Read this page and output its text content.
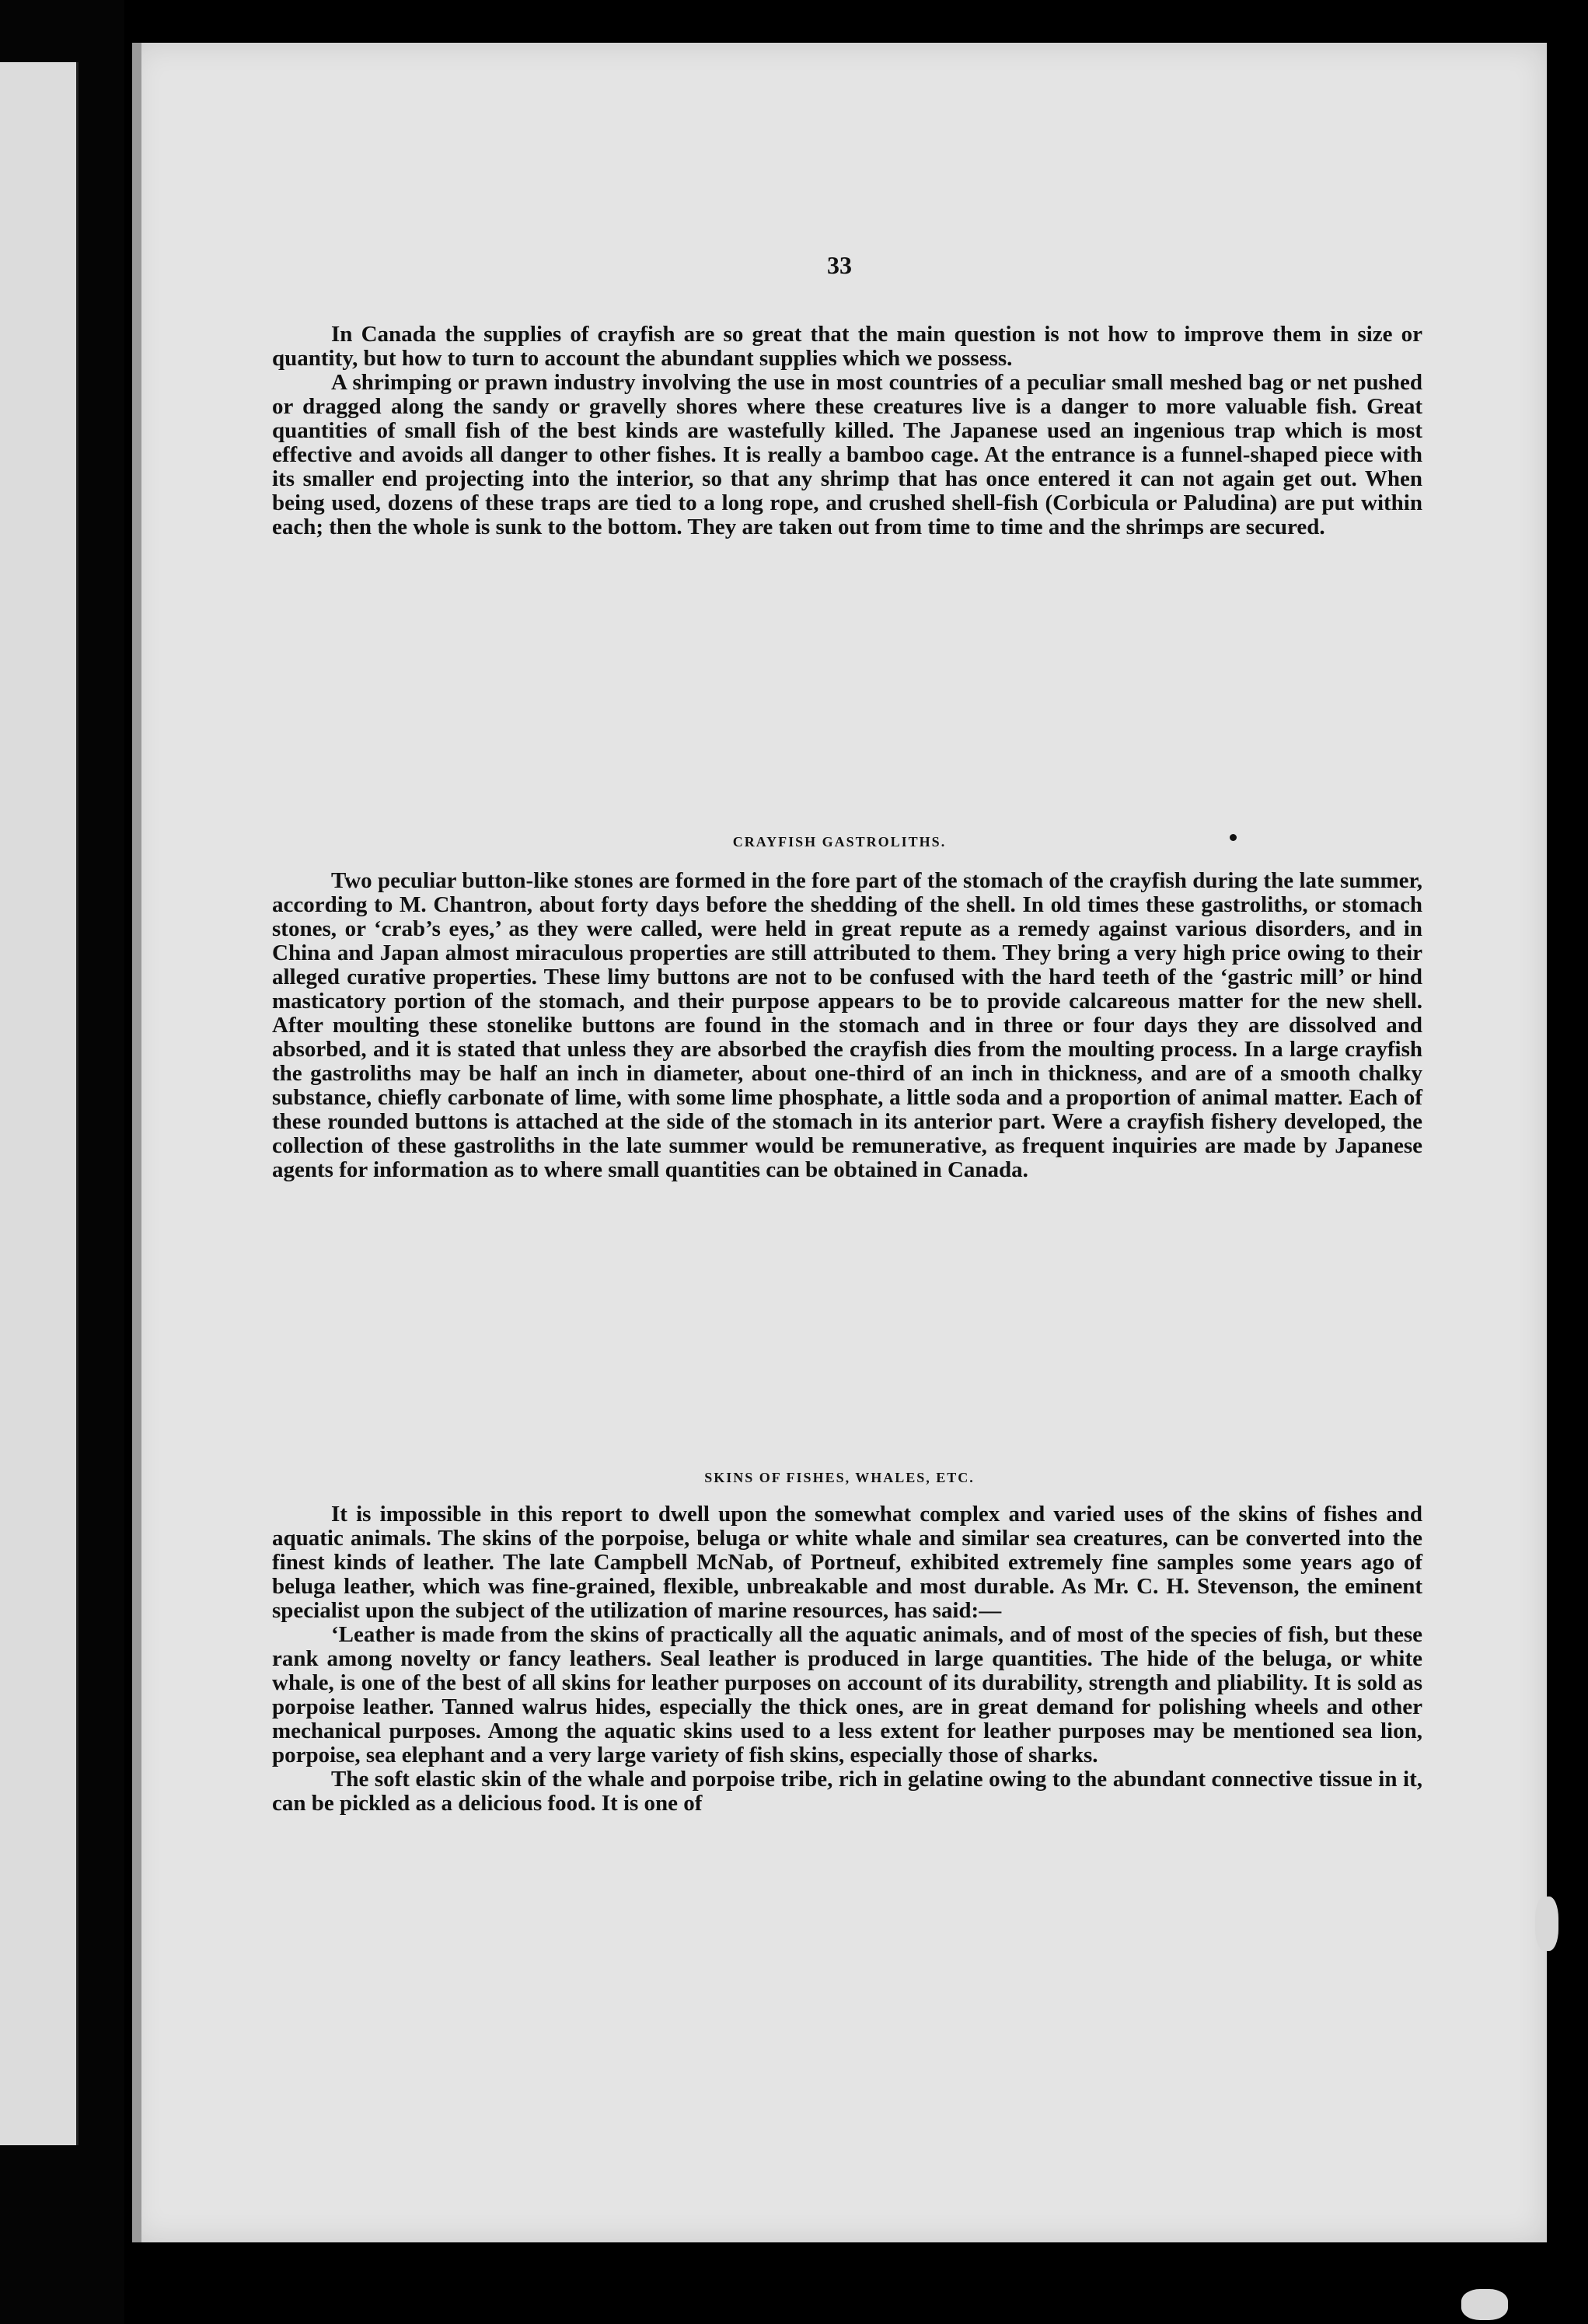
33

In Canada the supplies of crayfish are so great that the main question is not how to improve them in size or quantity, but how to turn to account the abundant supplies which we possess.

A shrimping or prawn industry involving the use in most countries of a peculiar small meshed bag or net pushed or dragged along the sandy or gravelly shores where these creatures live is a danger to more valuable fish. Great quantities of small fish of the best kinds are wastefully killed. The Japanese used an ingenious trap which is most effective and avoids all danger to other fishes. It is really a bamboo cage. At the entrance is a funnel-shaped piece with its smaller end projecting into the interior, so that any shrimp that has once entered it can not again get out. When being used, dozens of these traps are tied to a long rope, and crushed shell-fish (Corbicula or Paludina) are put within each; then the whole is sunk to the bottom. They are taken out from time to time and the shrimps are secured.

CRAYFISH GASTROLITHS.

Two peculiar button-like stones are formed in the fore part of the stomach of the crayfish during the late summer, according to M. Chantron, about forty days before the shedding of the shell. In old times these gastroliths, or stomach stones, or ‘crab’s eyes,’ as they were called, were held in great repute as a remedy against various disorders, and in China and Japan almost miraculous properties are still attributed to them. They bring a very high price owing to their alleged curative properties. These limy buttons are not to be confused with the hard teeth of the ‘gastric mill’ or hind masticatory portion of the stomach, and their purpose appears to be to provide calcareous matter for the new shell. After moulting these stonelike buttons are found in the stomach and in three or four days they are dissolved and absorbed, and it is stated that unless they are absorbed the crayfish dies from the moulting process. In a large crayfish the gastroliths may be half an inch in diameter, about one-third of an inch in thickness, and are of a smooth chalky substance, chiefly carbonate of lime, with some lime phosphate, a little soda and a proportion of animal matter. Each of these rounded buttons is attached at the side of the stomach in its anterior part. Were a crayfish fishery developed, the collection of these gastroliths in the late summer would be remunerative, as frequent inquiries are made by Japanese agents for information as to where small quantities can be obtained in Canada.

SKINS OF FISHES, WHALES, ETC.

It is impossible in this report to dwell upon the somewhat complex and varied uses of the skins of fishes and aquatic animals. The skins of the porpoise, beluga or white whale and similar sea creatures, can be converted into the finest kinds of leather. The late Campbell McNab, of Portneuf, exhibited extremely fine samples some years ago of beluga leather, which was fine-grained, flexible, unbreakable and most durable. As Mr. C. H. Stevenson, the eminent specialist upon the subject of the utilization of marine resources, has said:—

‘Leather is made from the skins of practically all the aquatic animals, and of most of the species of fish, but these rank among novelty or fancy leathers. Seal leather is produced in large quantities. The hide of the beluga, or white whale, is one of the best of all skins for leather purposes on account of its durability, strength and pliability. It is sold as porpoise leather. Tanned walrus hides, especially the thick ones, are in great demand for polishing wheels and other mechanical purposes. Among the aquatic skins used to a less extent for leather purposes may be mentioned sea lion, porpoise, sea elephant and a very large variety of fish skins, especially those of sharks.

The soft elastic skin of the whale and porpoise tribe, rich in gelatine owing to the abundant connective tissue in it, can be pickled as a delicious food. It is one of
